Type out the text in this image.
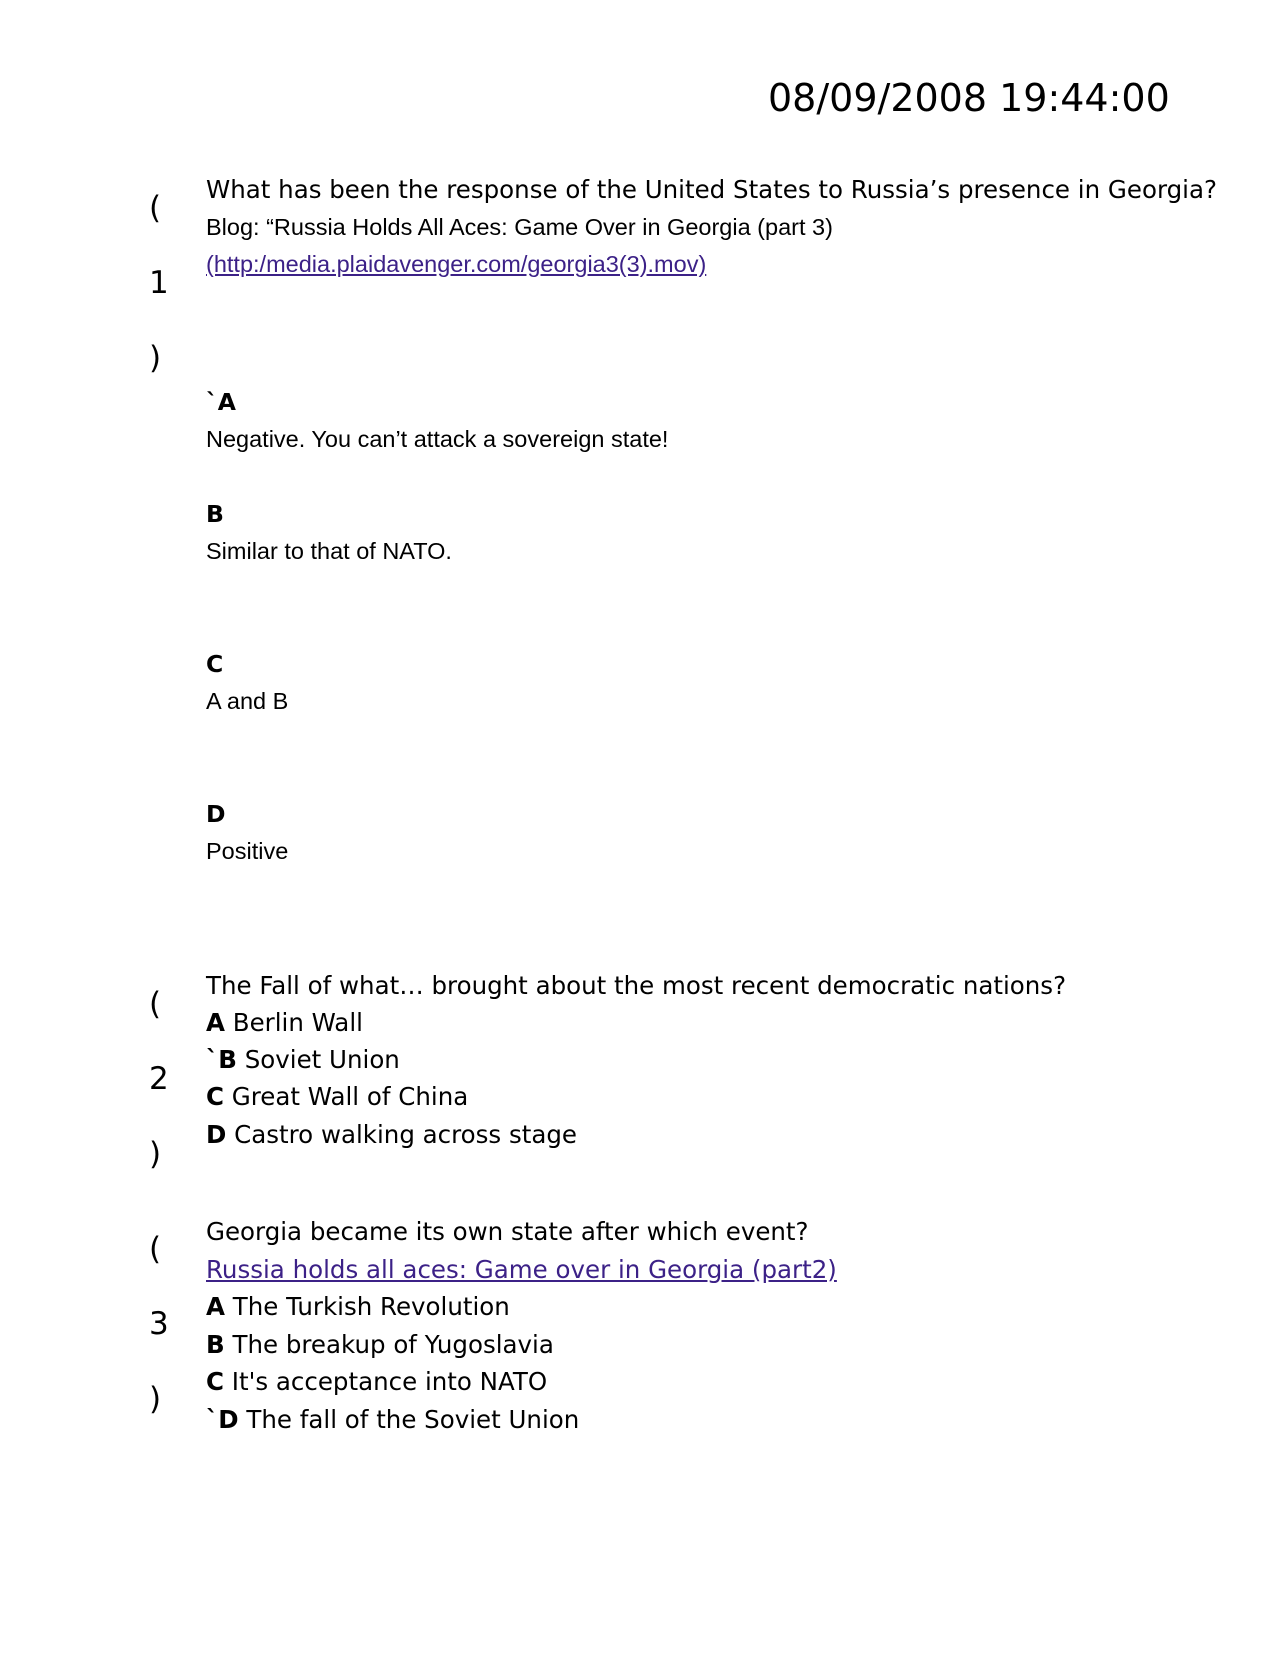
08/09/2008 19:44:00
(
1
)
What has been the response of the United States to Russia’s presence in Georgia?
Blog: “Russia Holds All Aces: Game Over in Georgia (part 3)
(http:/media.plaidavenger.com/georgia3(3).mov)
`A
Negative. You can’t attack a sovereign state!
B
Similar to that of NATO.
C
A and B
D
Positive
(
2
)
The Fall of what… brought about the most recent democratic nations?
A Berlin Wall
`B Soviet Union
C Great Wall of China
D Castro walking across stage
(
3
)
Georgia became its own state after which event?
Russia holds all aces: Game over in Georgia (part2)
A The Turkish Revolution
B The breakup of Yugoslavia
C It's acceptance into NATO
`D The fall of the Soviet Union
